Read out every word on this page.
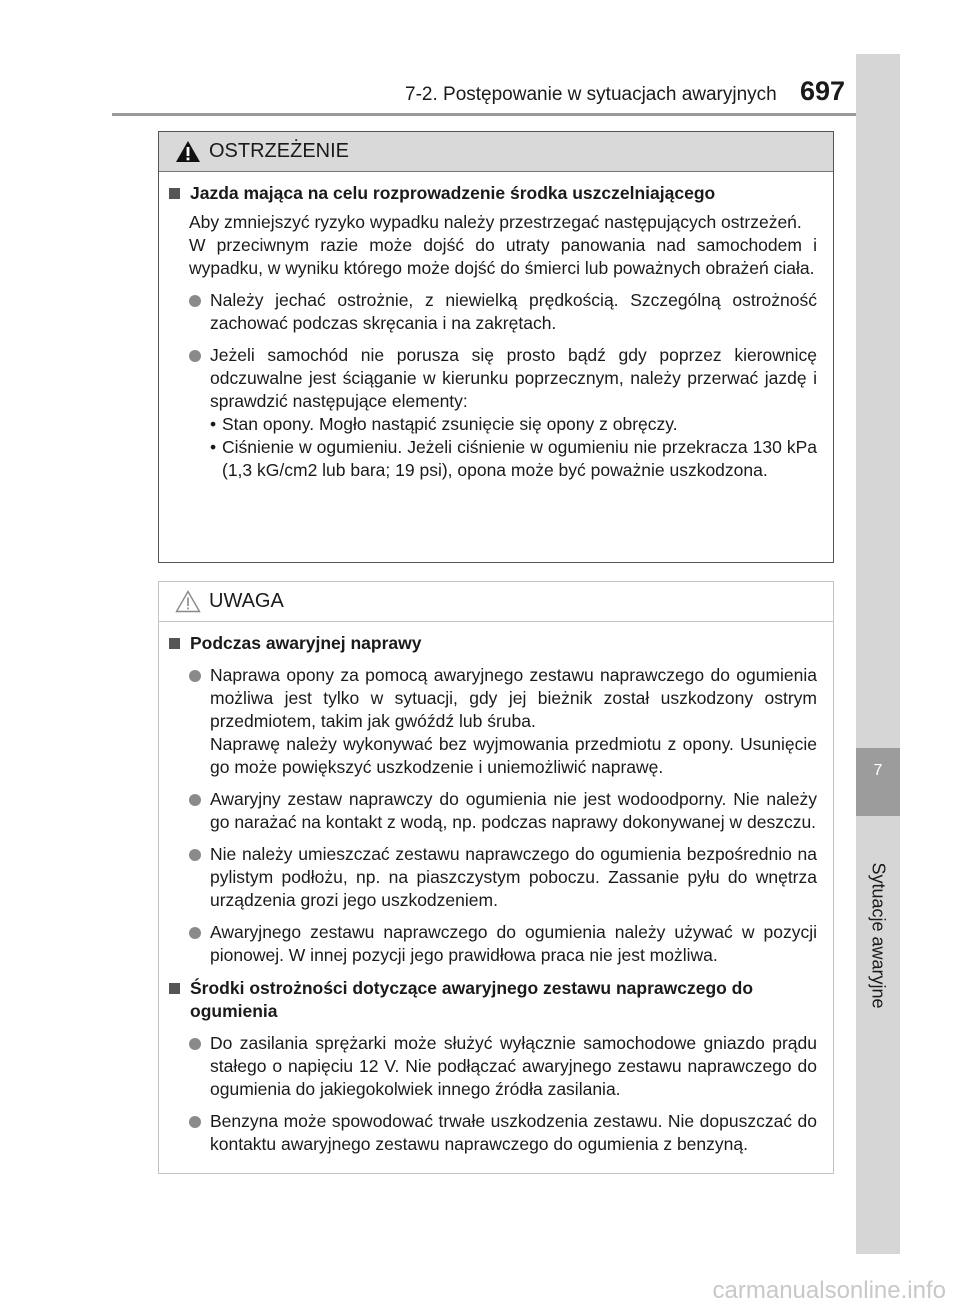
7-2. Postępowanie w sytuacjach awaryjnych 697
7
Sytuacje awaryjne
OSTRZEŻENIE
Jazda mająca na celu rozprowadzenie środka uszczelniającego
Aby zmniejszyć ryzyko wypadku należy przestrzegać następujących ostrzeżeń.
W przeciwnym razie może dojść do utraty panowania nad samochodem i wypadku, w wyniku którego może dojść do śmierci lub poważnych obrażeń ciała.
Należy jechać ostrożnie, z niewielką prędkością. Szczególną ostrożność zachować podczas skręcania i na zakrętach.
Jeżeli samochód nie porusza się prosto bądź gdy poprzez kierownicę odczuwalne jest ściąganie w kierunku poprzecznym, należy przerwać jazdę i sprawdzić następujące elementy:
• Stan opony. Mogło nastąpić zsunięcie się opony z obręczy.
• Ciśnienie w ogumieniu. Jeżeli ciśnienie w ogumieniu nie przekracza 130 kPa (1,3 kG/cm2 lub bara; 19 psi), opona może być poważnie uszkodzona.
UWAGA
Podczas awaryjnej naprawy
Naprawa opony za pomocą awaryjnego zestawu naprawczego do ogumienia możliwa jest tylko w sytuacji, gdy jej bieżnik został uszkodzony ostrym przedmiotem, takim jak gwóźdź lub śruba.
Naprawę należy wykonywać bez wyjmowania przedmiotu z opony. Usunięcie go może powiększyć uszkodzenie i uniemożliwić naprawę.
Awaryjny zestaw naprawczy do ogumienia nie jest wodoodporny. Nie należy go narażać na kontakt z wodą, np. podczas naprawy dokonywanej w deszczu.
Nie należy umieszczać zestawu naprawczego do ogumienia bezpośrednio na pylistym podłożu, np. na piaszczystym poboczu. Zassanie pyłu do wnętrza urządzenia grozi jego uszkodzeniem.
Awaryjnego zestawu naprawczego do ogumienia należy używać w pozycji pionowej. W innej pozycji jego prawidłowa praca nie jest możliwa.
Środki ostrożności dotyczące awaryjnego zestawu naprawczego do ogumienia
Do zasilania sprężarki może służyć wyłącznie samochodowe gniazdo prądu stałego o napięciu 12 V. Nie podłączać awaryjnego zestawu naprawczego do ogumienia do jakiegokolwiek innego źródła zasilania.
Benzyna może spowodować trwałe uszkodzenia zestawu. Nie dopuszczać do kontaktu awaryjnego zestawu naprawczego do ogumienia z benzyną.
carmanualsonline.info
